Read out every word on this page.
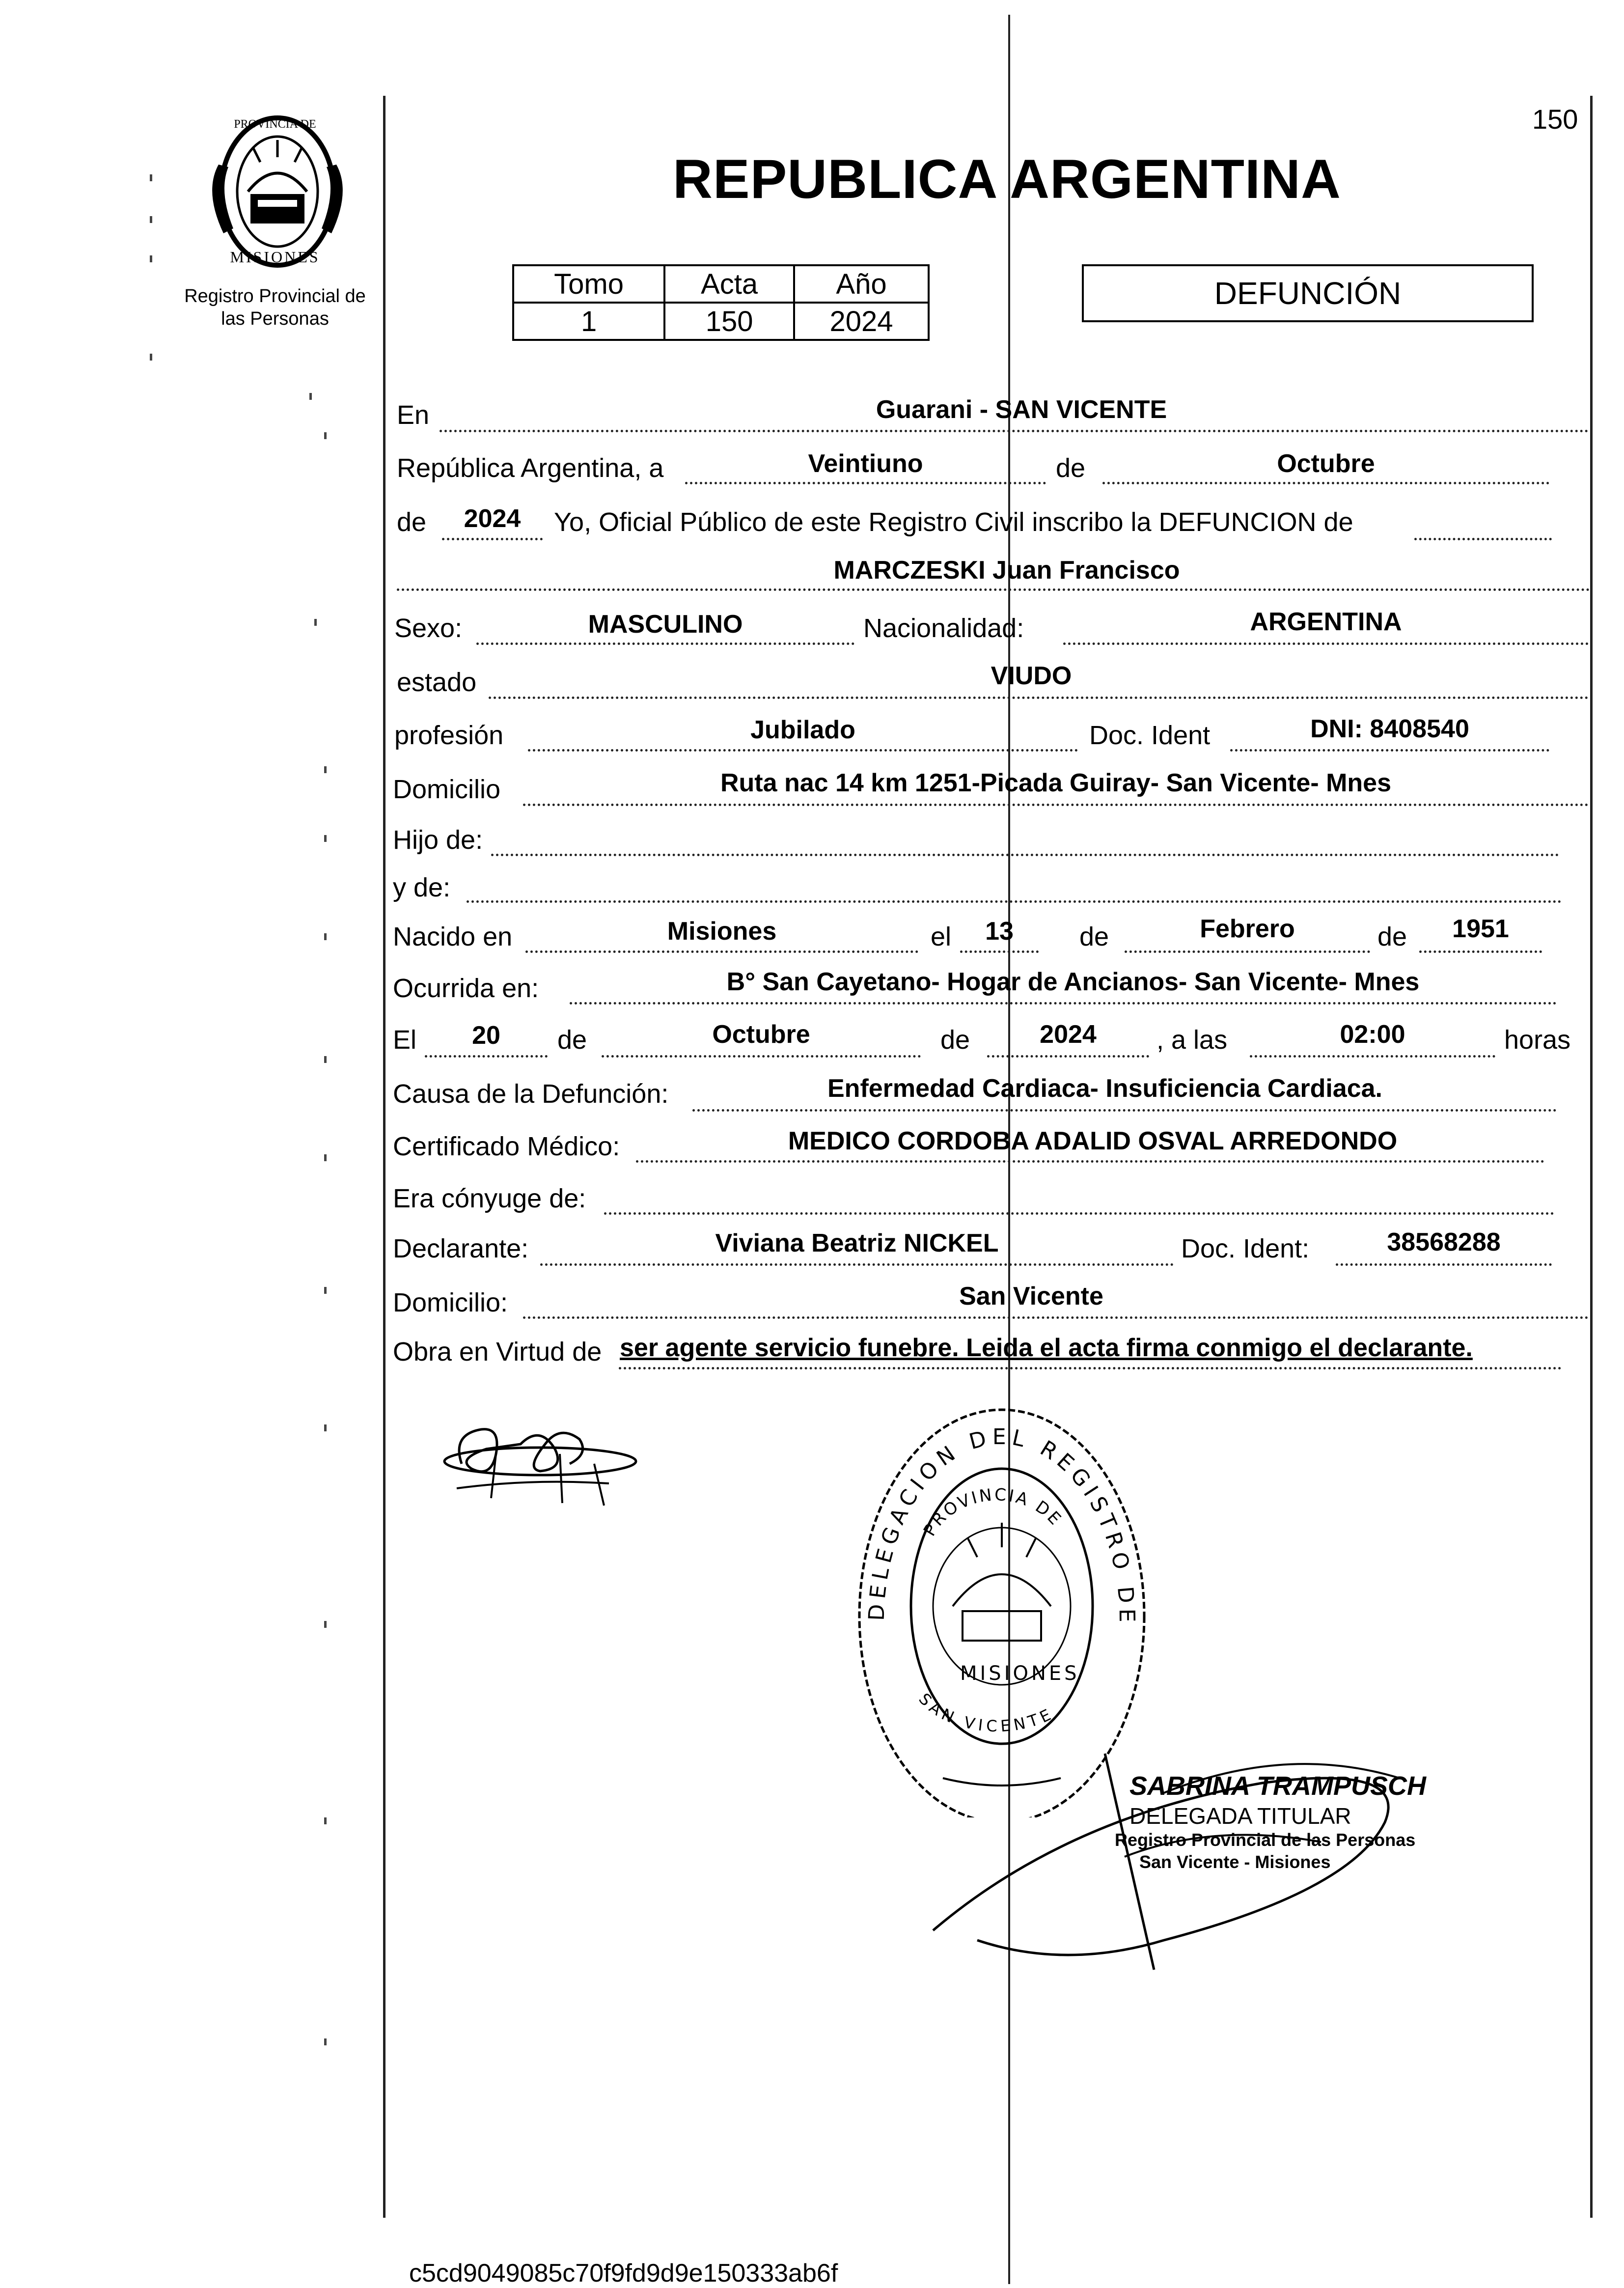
PROVINCIA DE
MISIONES
Registro Provincial de
las Personas
150
REPUBLICA ARGENTINA
Tomo	Acta	Año
1	150	2024
DEFUNCIÓN
En	Guarani - SAN VICENTE
República Argentina, a	Veintiuno	de	Octubre
de	2024	Yo, Oficial Público de este Registro Civil inscribo la DEFUNCION de
MARCZESKI Juan Francisco
Sexo:	MASCULINO	Nacionalidad:	ARGENTINA
estado	VIUDO
profesión	Jubilado	Doc. Ident	DNI: 8408540
Domicilio	Ruta nac 14 km 1251-Picada Guiray- San Vicente- Mnes
Hijo de:
y de:
Nacido en	Misiones	el	13	de	Febrero	de	1951
Ocurrida en:	B° San Cayetano- Hogar de Ancianos- San Vicente- Mnes
El	20	de	Octubre	de	2024	, a las	02:00	horas
Causa de la Defunción:	Enfermedad Cardiaca- Insuficiencia Cardiaca.
Certificado Médico:	MEDICO CORDOBA ADALID OSVAL ARREDONDO
Era cónyuge de:
Declarante:	Viviana Beatriz NICKEL	Doc. Ident:	38568288
Domicilio:	San Vicente
Obra en Virtud de ser agente servicio funebre. Leida el acta firma conmigo el declarante.
DELEGACION DEL REGISTRO DE
PROVINCIA DE
MISIONES
SAN VICENTE
SABRINA TRAMPUSCH
DELEGADA TITULAR
Registro Provincial de las Personas
San Vicente - Misiones
c5cd9049085c70f9fd9d9e150333ab6f
